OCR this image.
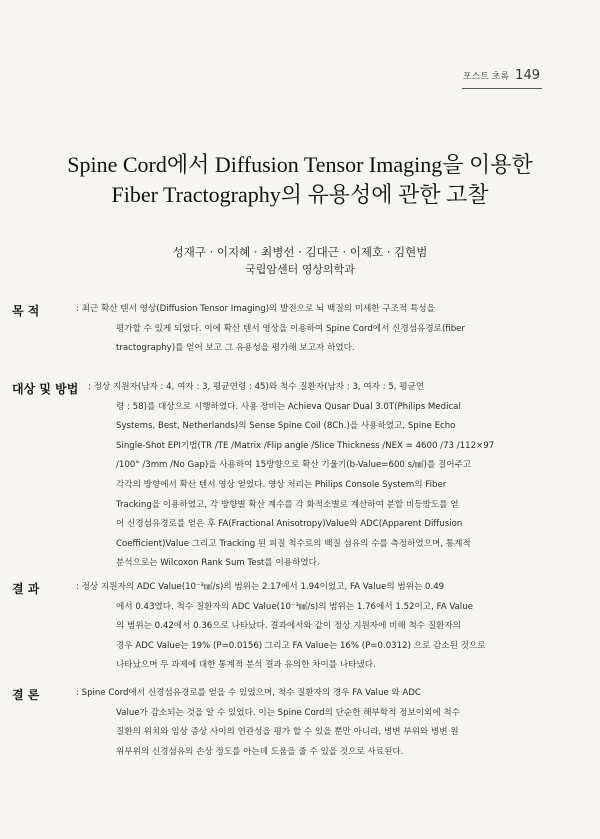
포스트 초록 149
Spine Cord에서 Diffusion Tensor Imaging을 이용한
Fiber Tractography의 유용성에 관한 고찰
성재구 · 이지혜 · 최병선 · 김대근 · 이제호 · 김현범
국립암센터 영상의학과
목 적	: 최근 확산 텐서 영상(Diffusion Tensor Imaging)의 발전으로 뇌 백질의 미세한 구조적 특성을
평가할 수 있게 되었다. 이에 확산 텐서 영상을 이용하여 Spine Cord에서 신경섬유경로(fiber
tractography)를 얻어 보고 그 유용성을 평가해 보고자 하였다.
대상 및 방법 : 정상 지원자(남자 : 4, 여자 : 3, 평균연령 : 45)와 척수 질환자(남자 : 3, 여자 : 5, 평균연
령 : 58)를 대상으로 시행하였다. 사용 장비는 Achieva Qusar Dual 3.0T(Philips Medical
Systems, Best, Netherlands)의 Sense Spine Coil (8Ch.)을 사용하였고, Spine Echo
Single-Shot EPI기법(TR /TE /Matrix /Flip angle /Slice Thickness /NEX = 4600 /73 /112×97
/100° /3mm /No Gap)을 사용하여 15방향으로 확산 기울기(b-Value=600 s/㎟)를 걸어주고
각각의 방향에서 확산 텐서 영상 얻었다. 영상 처리는 Philips Console System의 Fiber
Tracking을 이용하였고, 각 방향별 확산 계수를 각 화적소별로 계산하여 분할 비등방도를 얻
어 신경섬유경로를 얻은 후 FA(Fractional Anisotropy)Value와 ADC(Apparent Diffusion
Coefficient)Value 그리고 Tracking 된 피질 척수로의 백질 섬유의 수를 측정하였으며, 통계적
분석으로는 Wilcoxon Rank Sum Test를 이용하였다.
결 과	: 정상 지원자의 ADC Value(10⁻³㎟/s)의 범위는 2.17에서 1.94이었고, FA Value의 범위는 0.49
에서 0.43였다. 척수 질환자의 ADC Value(10⁻³㎟/s)의 범위는 1.76에서 1.52이고, FA Value
의 범위는 0.42에서 0.36으로 나타났다. 결과에서와 같이 정상 지원자에 비해 척수 질환자의
경우 ADC Value는 19% (P=0.0156) 그리고 FA Value는 16% (P=0.0312) 으로 감소된 것으로
나타났으며 두 과제에 대한 통계적 분석 결과 유의한 차이를 나타냈다.
결 론	: Spine Cord에서 신경섬유경로를 얻을 수 있었으며, 척수 질환자의 경우 FA Value 와 ADC
Value가 감소되는 것을 알 수 있었다. 이는 Spine Cord의 단순한 해부학적 정보이외에 척수
질환의 위치와 임상 증상 사이의 연관성을 평가 할 수 있을 뿐만 아니라, 병변 부위와 병변 원
위부위의 신경섬유의 손상 정도를 아는데 도움을 줄 수 있을 것으로 사료된다.
